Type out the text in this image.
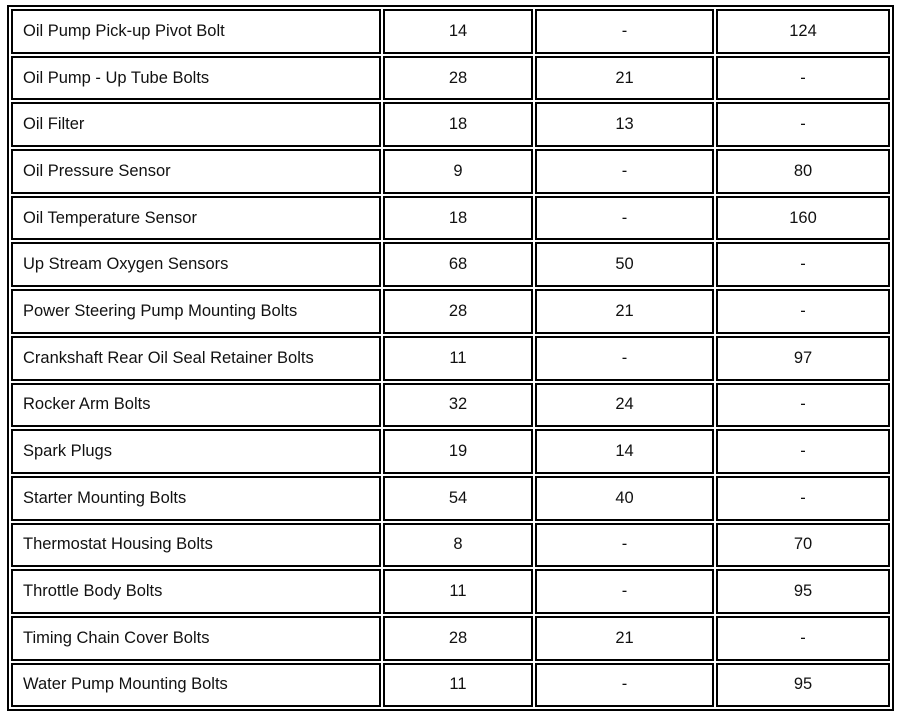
Oil Pump Pick-up Pivot Bolt	14	-	124
Oil Pump - Up Tube Bolts	28	21	-
Oil Filter	18	13	-
Oil Pressure Sensor	9	-	80
Oil Temperature Sensor	18	-	160
Up Stream Oxygen Sensors	68	50	-
Power Steering Pump Mounting Bolts	28	21	-
Crankshaft Rear Oil Seal Retainer Bolts	11	-	97
Rocker Arm Bolts	32	24	-
Spark Plugs	19	14	-
Starter Mounting Bolts	54	40	-
Thermostat Housing Bolts	8	-	70
Throttle Body Bolts	11	-	95
Timing Chain Cover Bolts	28	21	-
Water Pump Mounting Bolts	11	-	95
